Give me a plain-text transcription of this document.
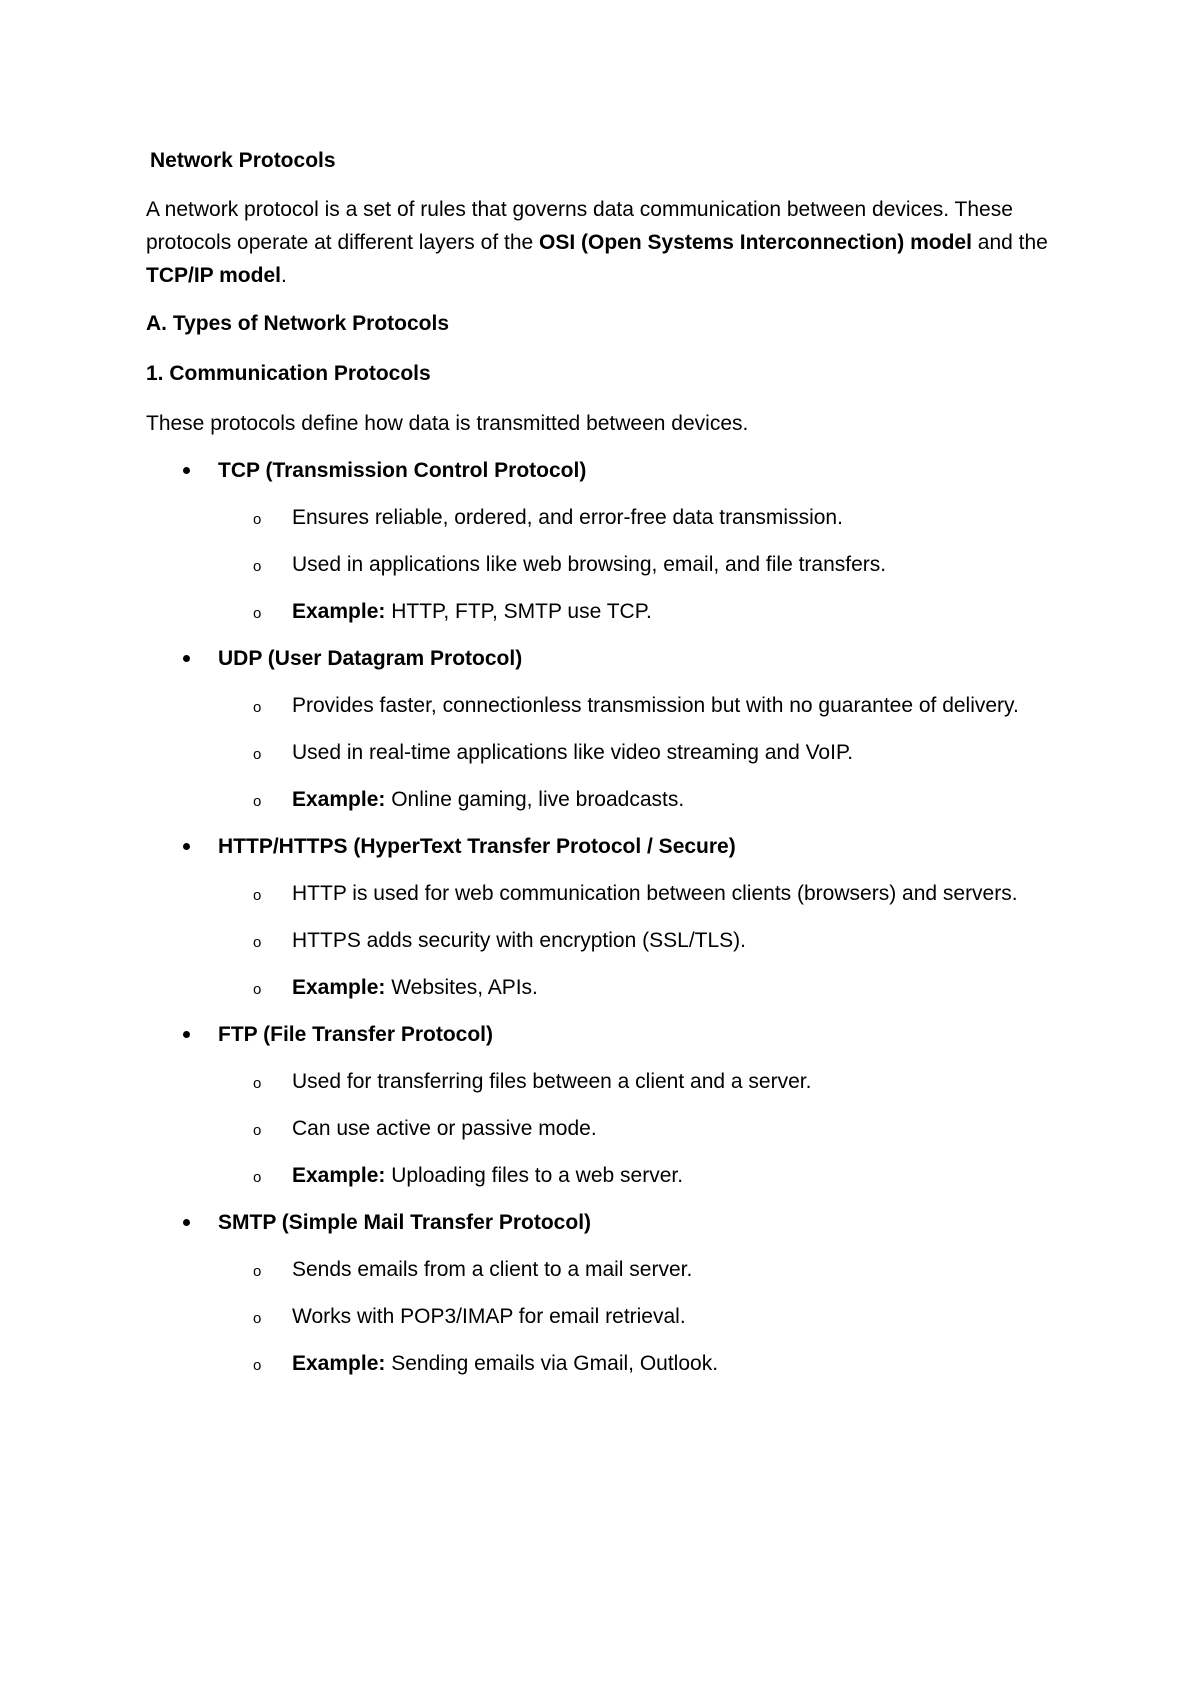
Network Protocols

A network protocol is a set of rules that governs data communication between devices. These protocols operate at different layers of the OSI (Open Systems Interconnection) model and the TCP/IP model.

A. Types of Network Protocols

1. Communication Protocols

These protocols define how data is transmitted between devices.

TCP (Transmission Control Protocol)
o Ensures reliable, ordered, and error-free data transmission.
o Used in applications like web browsing, email, and file transfers.
o Example: HTTP, FTP, SMTP use TCP.
UDP (User Datagram Protocol)
o Provides faster, connectionless transmission but with no guarantee of delivery.
o Used in real-time applications like video streaming and VoIP.
o Example: Online gaming, live broadcasts.
HTTP/HTTPS (HyperText Transfer Protocol / Secure)
o HTTP is used for web communication between clients (browsers) and servers.
o HTTPS adds security with encryption (SSL/TLS).
o Example: Websites, APIs.
FTP (File Transfer Protocol)
o Used for transferring files between a client and a server.
o Can use active or passive mode.
o Example: Uploading files to a web server.
SMTP (Simple Mail Transfer Protocol)
o Sends emails from a client to a mail server.
o Works with POP3/IMAP for email retrieval.
o Example: Sending emails via Gmail, Outlook.
